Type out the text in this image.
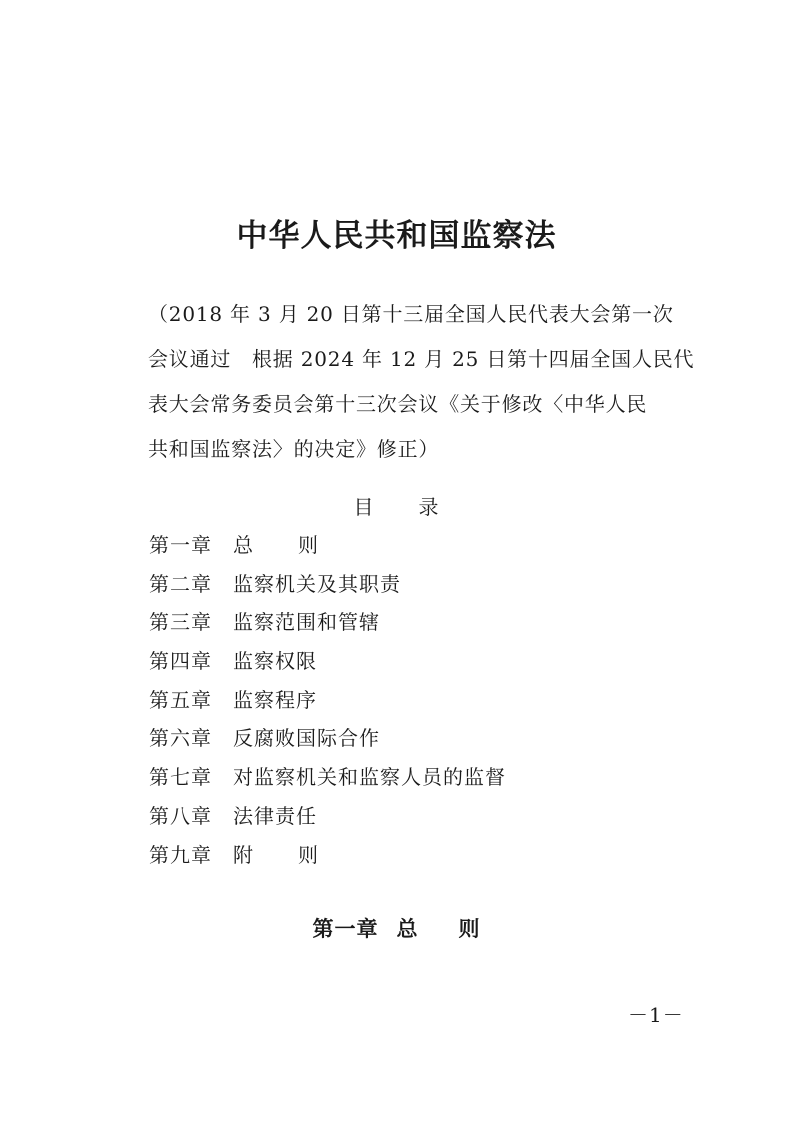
中华人民共和国监察法

（2018 年 3 月 20 日第十三届全国人民代表大会第一次

会议通过　根据 2024 年 12 月 25 日第十四届全国人民代

表大会常务委员会第十三次会议《关于修改〈中华人民

共和国监察法〉的决定》修正）

目 录
第一章 总 则
第二章 监察机关及其职责
第三章 监察范围和管辖
第四章 监察权限
第五章 监察程序
第六章 反腐败国际合作
第七章 对监察机关和监察人员的监督
第八章 法律责任
第九章 附 则
第一章 总 则
－1－
